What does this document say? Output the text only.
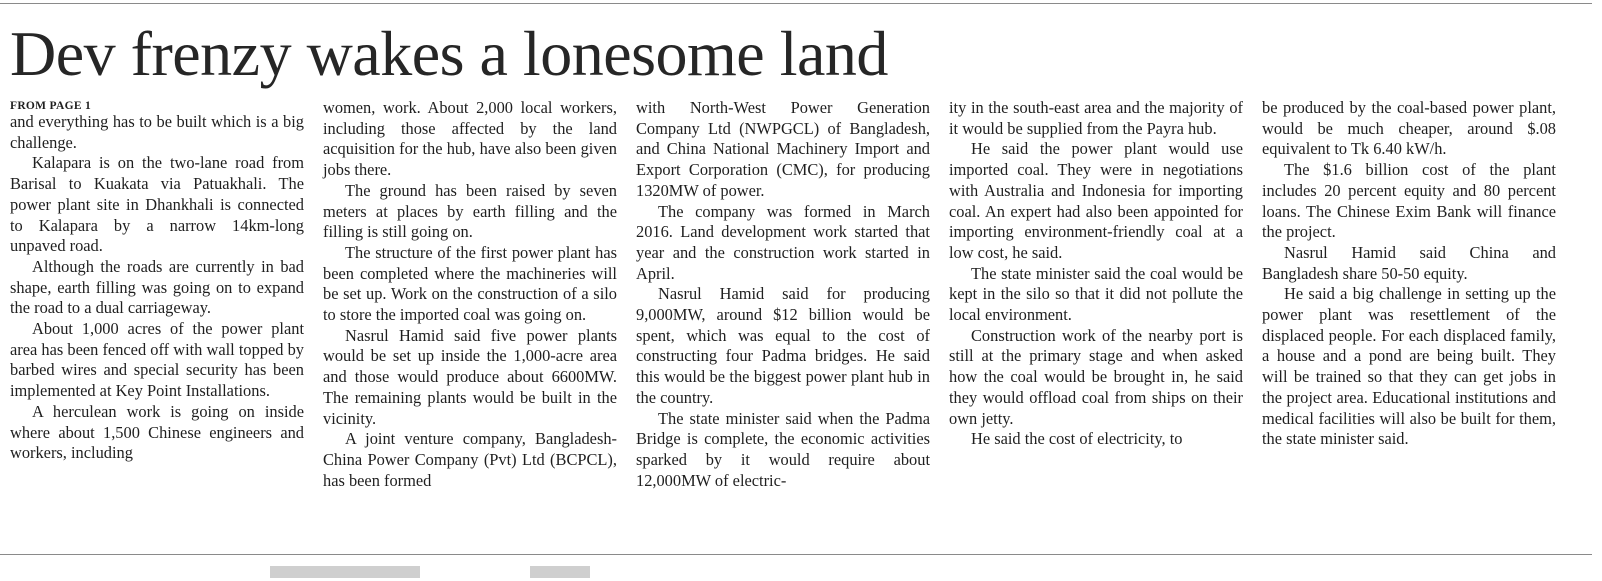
Dev frenzy wakes a lonesome land
FROM PAGE 1

and everything has to be built which is a big challenge.

Kalapara is on the two-lane road from Barisal to Kuakata via Patuakhali. The power plant site in Dhankhali is connected to Kalapara by a narrow 14km-long unpaved road.

Although the roads are currently in bad shape, earth filling was going on to expand the road to a dual carriageway.

About 1,000 acres of the power plant area has been fenced off with wall topped by barbed wires and special security has been implemented at Key Point Installations.

A herculean work is going on inside where about 1,500 Chinese engineers and workers, including

women, work. About 2,000 local workers, including those affected by the land acquisition for the hub, have also been given jobs there.

The ground has been raised by seven meters at places by earth filling and the filling is still going on.

The structure of the first power plant has been completed where the machineries will be set up. Work on the construction of a silo to store the imported coal was going on.

Nasrul Hamid said five power plants would be set up inside the 1,000-acre area and those would produce about 6600MW. The remaining plants would be built in the vicinity.

A joint venture company, Bangladesh-China Power Company (Pvt) Ltd (BCPCL), has been formed

with North-West Power Generation Company Ltd (NWPGCL) of Bangladesh, and China National Machinery Import and Export Corporation (CMC), for producing 1320MW of power.

The company was formed in March 2016. Land development work started that year and the construction work started in April.

Nasrul Hamid said for producing 9,000MW, around $12 billion would be spent, which was equal to the cost of constructing four Padma bridges. He said this would be the biggest power plant hub in the country.

The state minister said when the Padma Bridge is complete, the economic activities sparked by it would require about 12,000MW of electric-

ity in the south-east area and the majority of it would be supplied from the Payra hub.

He said the power plant would use imported coal. They were in negotiations with Australia and Indonesia for importing coal. An expert had also been appointed for importing environment-friendly coal at a low cost, he said.

The state minister said the coal would be kept in the silo so that it did not pollute the local environment.

Construction work of the nearby port is still at the primary stage and when asked how the coal would be brought in, he said they would offload coal from ships on their own jetty.

He said the cost of electricity, to

be produced by the coal-based power plant, would be much cheaper, around $.08 equivalent to Tk 6.40 kW/h.

The $1.6 billion cost of the plant includes 20 percent equity and 80 percent loans. The Chinese Exim Bank will finance the project.

Nasrul Hamid said China and Bangladesh share 50-50 equity.

He said a big challenge in setting up the power plant was resettlement of the displaced people. For each displaced family, a house and a pond are being built. They will be trained so that they can get jobs in the project area. Educational institutions and medical facilities will also be built for them, the state minister said.
